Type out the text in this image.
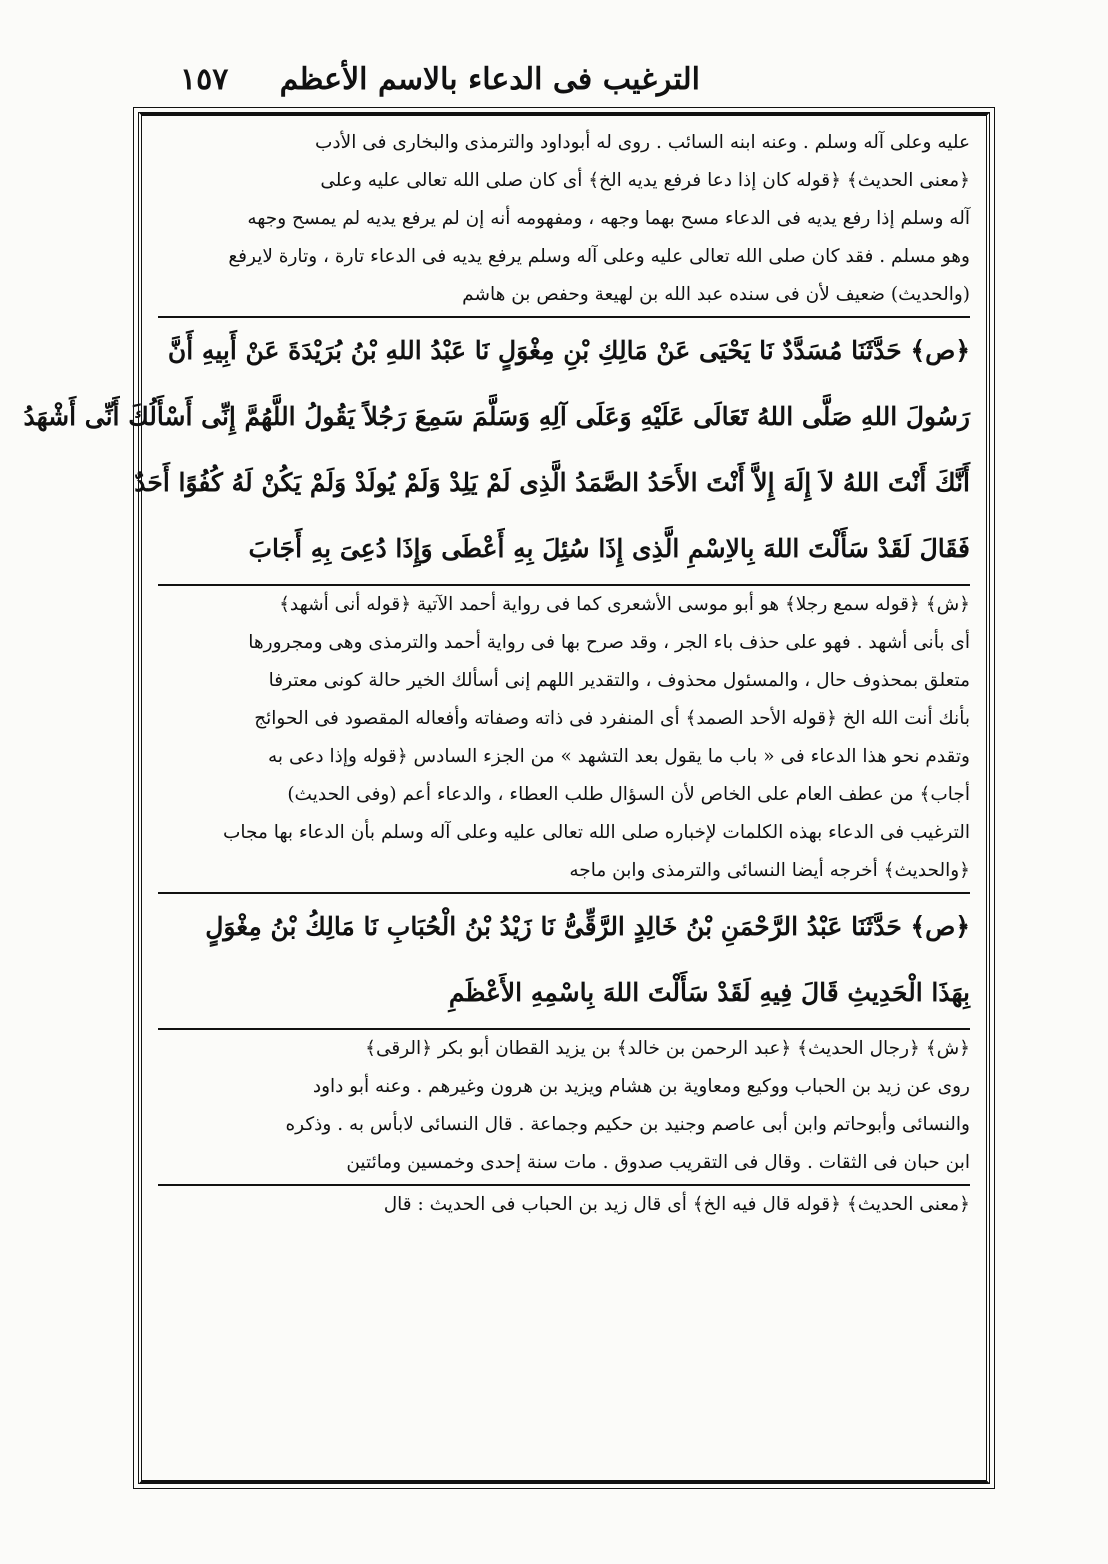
الترغيب فى الدعاء بالاسم الأعظم
١٥٧
عليه وعلى آله وسلم . وعنه ابنه السائب . روى له أبوداود والترمذى والبخارى فى الأدب
﴿معنى الحديث﴾ ﴿قوله كان إذا دعا فرفع يديه الخ﴾ أى كان صلى الله تعالى عليه وعلى
آله وسلم إذا رفع يديه فى الدعاء مسح بهما وجهه ، ومفهومه أنه إن لم يرفع يديه لم يمسح وجهه
وهو مسلم . فقد كان صلى الله تعالى عليه وعلى آله وسلم يرفع يديه فى الدعاء تارة ، وتارة لايرفع
(والحديث) ضعيف لأن فى سنده عبد الله بن لهيعة وحفص بن هاشم
﴿ص﴾ حَدَّثَنَا مُسَدَّدٌ نَا يَحْيَى عَنْ مَالِكِ بْنِ مِغْوَلٍ نَا عَبْدُ اللهِ بْنُ بُرَيْدَةَ عَنْ أَبِيهِ أَنَّ
رَسُولَ اللهِ صَلَّى اللهُ تَعَالَى عَلَيْهِ وَعَلَى آلِهِ وَسَلَّمَ سَمِعَ رَجُلاً يَقُولُ اللَّهُمَّ إِنِّى أَسْأَلُكَ أَنِّى أَشْهَدُ
أَنَّكَ أَنْتَ اللهُ لاَ إِلَهَ إِلاَّ أَنْتَ الأَحَدُ الصَّمَدُ الَّذِى لَمْ يَلِدْ وَلَمْ يُولَدْ وَلَمْ يَكُنْ لَهُ كُفُوًا أَحَدٌ
فَقَالَ لَقَدْ سَأَلْتَ اللهَ بِالاِسْمِ الَّذِى إِذَا سُئِلَ بِهِ أَعْطَى وَإِذَا دُعِىَ بِهِ أَجَابَ
﴿ش﴾ ﴿قوله سمع رجلا﴾ هو أبو موسى الأشعرى كما فى رواية أحمد الآتية ﴿قوله أنى أشهد﴾
أى بأنى أشهد . فهو على حذف باء الجر ، وقد صرح بها فى رواية أحمد والترمذى وهى ومجرورها
متعلق بمحذوف حال ، والمسئول محذوف ، والتقدير اللهم إنى أسألك الخير حالة كونى معترفا
بأنك أنت الله الخ ﴿قوله الأحد الصمد﴾ أى المنفرد فى ذاته وصفاته وأفعاله المقصود فى الحوائج
وتقدم نحو هذا الدعاء فى « باب ما يقول بعد التشهد » من الجزء السادس ﴿قوله وإذا دعى به
أجاب﴾ من عطف العام على الخاص لأن السؤال طلب العطاء ، والدعاء أعم (وفى الحديث)
الترغيب فى الدعاء بهذه الكلمات لإخباره صلى الله تعالى عليه وعلى آله وسلم بأن الدعاء بها مجاب
﴿والحديث﴾ أخرجه أيضا النسائى والترمذى وابن ماجه
﴿ص﴾ حَدَّثَنَا عَبْدُ الرَّحْمَنِ بْنُ خَالِدٍ الرَّقِّىُّ نَا زَيْدُ بْنُ الْحُبَابِ نَا مَالِكُ بْنُ مِغْوَلٍ
بِهَذَا الْحَدِيثِ قَالَ فِيهِ لَقَدْ سَأَلْتَ اللهَ بِاسْمِهِ الأَعْظَمِ
﴿ش﴾ ﴿رجال الحديث﴾ ﴿عبد الرحمن بن خالد﴾ بن يزيد القطان أبو بكر ﴿الرقى﴾
روى عن زيد بن الحباب ووكيع ومعاوية بن هشام ويزيد بن هرون وغيرهم . وعنه أبو داود
والنسائى وأبوحاتم وابن أبى عاصم وجنيد بن حكيم وجماعة . قال النسائى لابأس به . وذكره
ابن حبان فى الثقات . وقال فى التقريب صدوق . مات سنة إحدى وخمسين ومائتين
﴿معنى الحديث﴾ ﴿قوله قال فيه الخ﴾ أى قال زيد بن الحباب فى الحديث : قال
